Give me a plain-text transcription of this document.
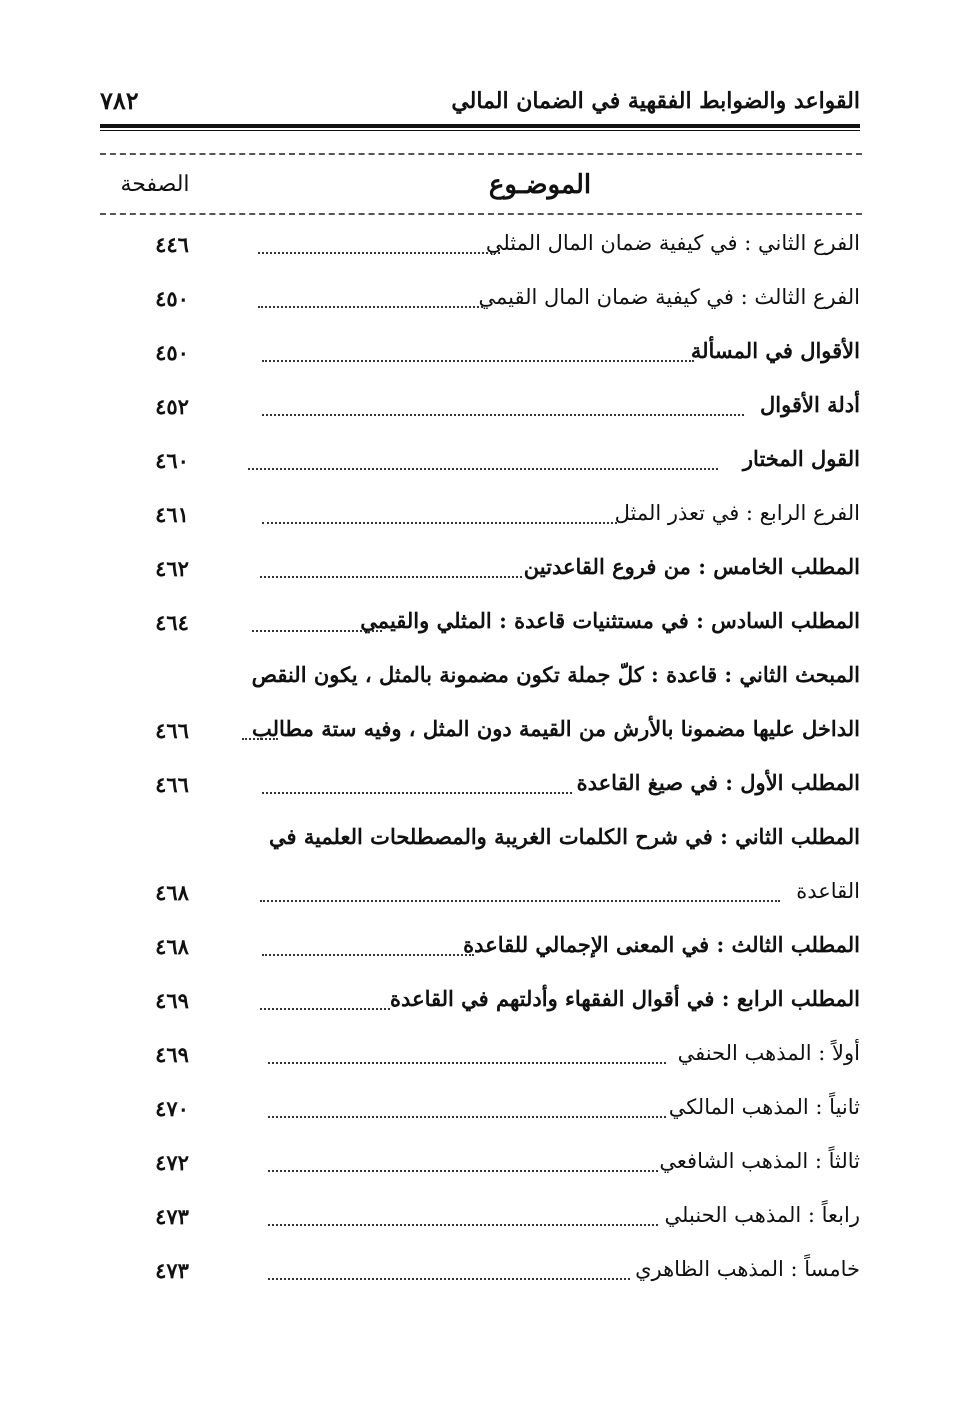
القواعد والضوابط الفقهية في الضمان المالي
٧٨٢
الموضـوع
الصفحة
الفرع الثاني : في كيفية ضمان المال المثلي
٤٤٦
الفرع الثالث : في كيفية ضمان المال القيمي
٤٥٠
الأقوال في المسألة
٤٥٠
أدلة الأقوال
٤٥٢
القول المختار
٤٦٠
الفرع الرابع : في تعذر المثل
٤٦١
المطلب الخامس : من فروع القاعدتين
٤٦٢
المطلب السادس : في مستثنيات قاعدة : المثلي والقيمي
٤٦٤
المبحث الثاني : قاعدة : كلّ جملة تكون مضمونة بالمثل ، يكون النقص
الداخل عليها مضمونا بالأرش من القيمة دون المثل ، وفيه ستة مطالب
٤٦٦
المطلب الأول : في صيغ القاعدة
٤٦٦
المطلب الثاني : في شرح الكلمات الغريبة والمصطلحات العلمية في
القاعدة
٤٦٨
المطلب الثالث : في المعنى الإجمالي للقاعدة
٤٦٨
المطلب الرابع : في أقوال الفقهاء وأدلتهم في القاعدة
٤٦٩
أولاً : المذهب الحنفي
٤٦٩
ثانياً : المذهب المالكي
٤٧٠
ثالثاً : المذهب الشافعي
٤٧٢
رابعاً : المذهب الحنبلي
٤٧٣
خامساً : المذهب الظاهري
٤٧٣
